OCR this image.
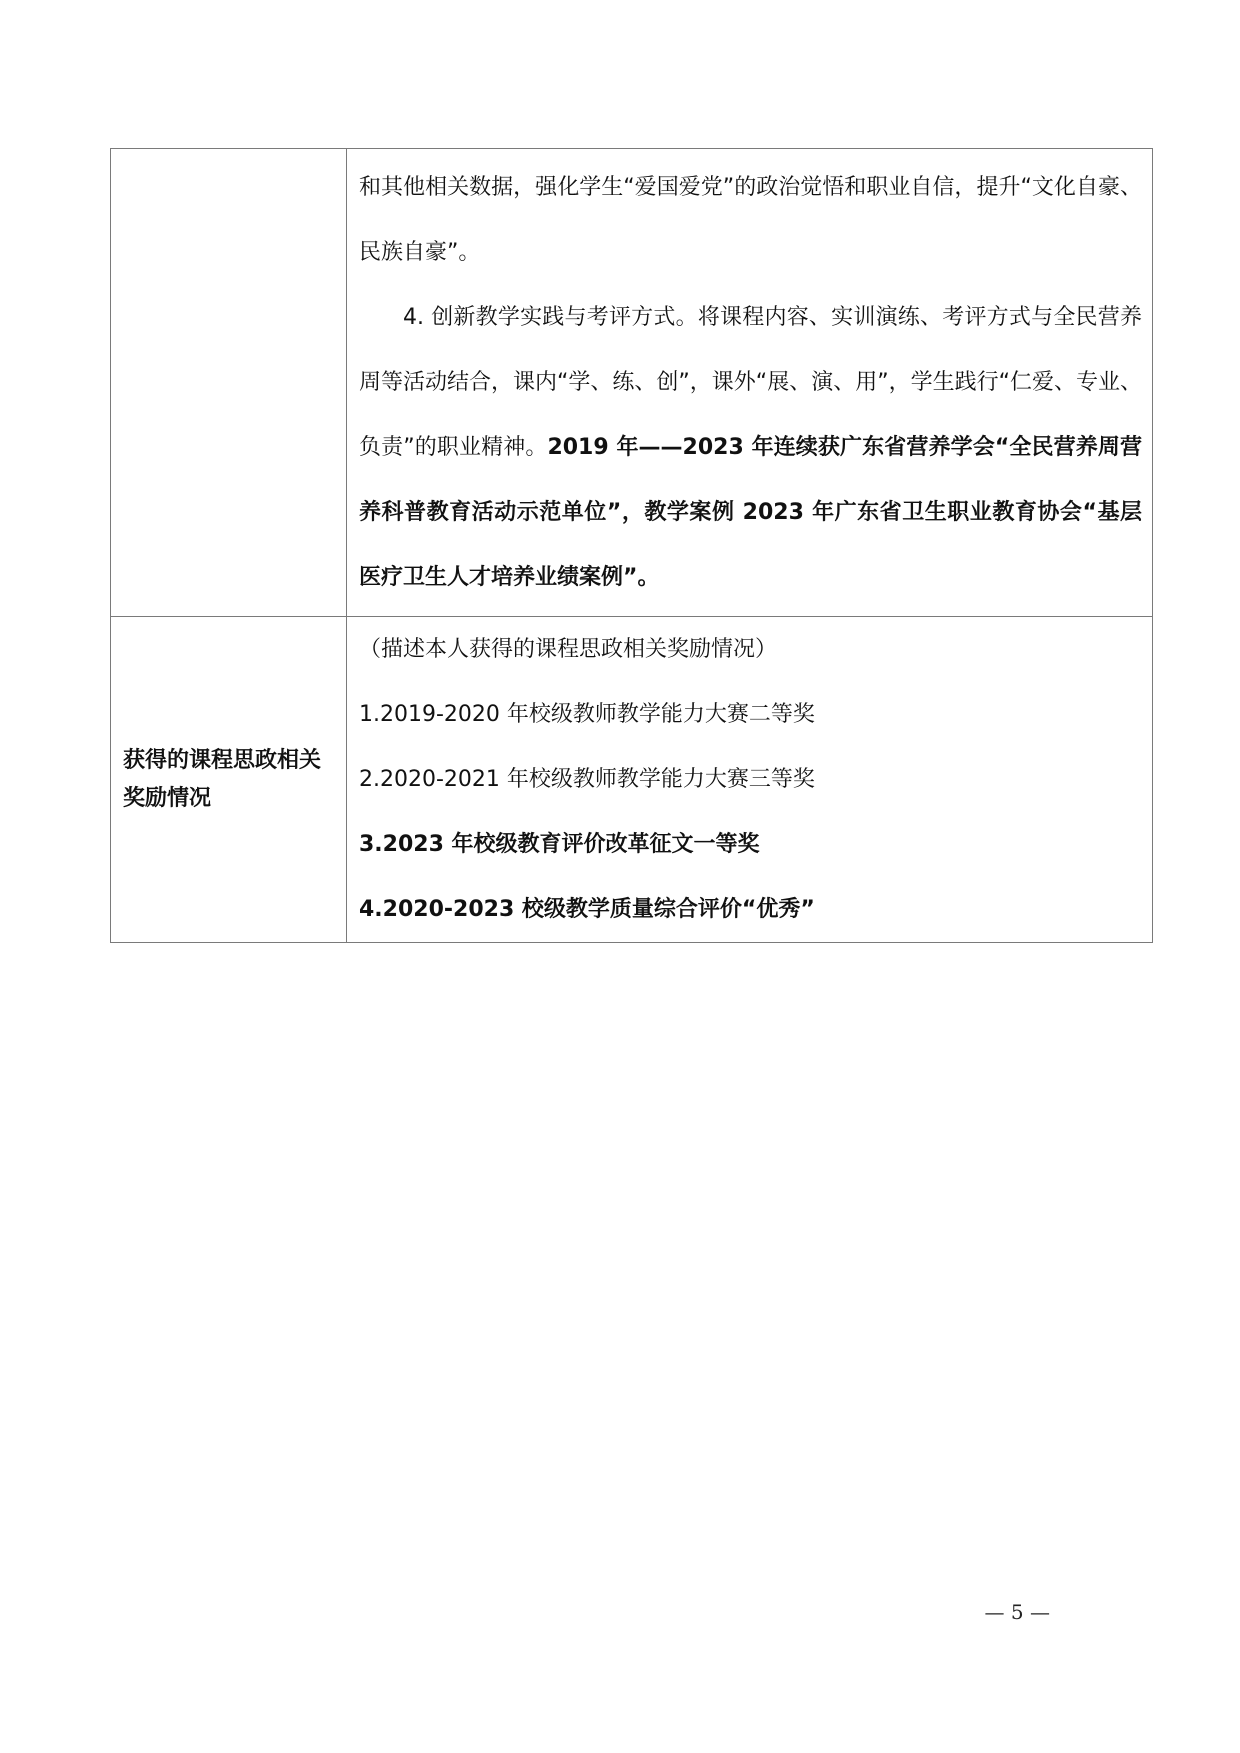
	和其他相关数据，强化学生“爱国爱党”的政治觉悟和职业自信，提升“文化自豪、民族自豪”。

4. 创新教学实践与考评方式。将课程内容、实训演练、考评方式与全民营养周等活动结合，课内“学、练、创”，课外“展、演、用”，学生践行“仁爱、专业、负责”的职业精神。2019 年——2023 年连续获广东省营养学会“全民营养周营养科普教育活动示范单位”，教学案例 2023 年广东省卫生职业教育协会“基层医疗卫生人才培养业绩案例”。

获得的课程思政相关奖励情况	（描述本人获得的课程思政相关奖励情况）

1.2019-2020 年校级教师教学能力大赛二等奖

2.2020-2021 年校级教师教学能力大赛三等奖

3.2023 年校级教育评价改革征文一等奖

4.2020-2023 校级教学质量综合评价“优秀”

— 5 —
